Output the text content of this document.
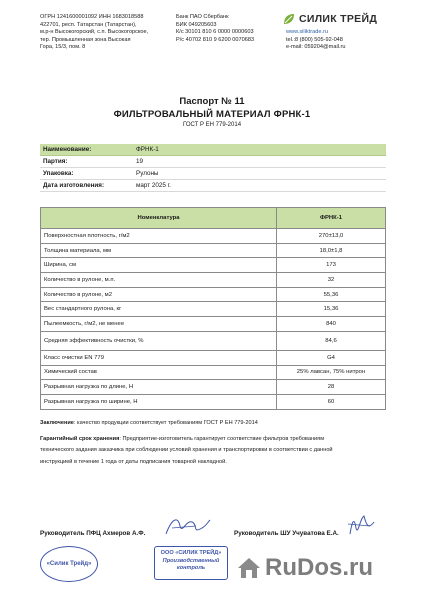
ОГРН 1241600001092 ИНН 1683018588
422701, респ. Татарстан (Татарстан),
м.р-н Высокогорский, с.п. Высокогорское,
тер. Промышленная зона Высокая
Гора, 15/3, пом. 8
Банк ПАО Сбербанк
БИК 049205603
К/с 30101 810 6 0000 0000603
Р/с 40702 810 9 6200 0070683
СИЛИК ТРЕЙД
www.siliktrade.ru
tel.:8 (800) 505-92-048
e-mail: 059204@mail.ru
Паспорт № 11
ФИЛЬТРОВАЛЬНЫЙ МАТЕРИАЛ ФРНК-1
ГОСТ Р ЕН 779-2014
Наименование:	ФРНК-1
Партия:	19
Упаковка:	Рулоны
Дата изготовления:	март 2025 г.
Номенклатура	ФРНК-1
Поверхностная плотность, г/м2	270±13,0
Толщина материала, мм	18,0±1,8
Ширина, см	173
Количество в рулоне, м.п.	32
Количество в рулоне, м2	55,36
Вес стандартного рулона, кг	15,36
Пылеемкость, г/м2, не менее	840
Средняя эффективность очистки, %	84,6
Класс очистки EN 779	G4
Химический состав	25% лавсан, 75% нитрон
Разрывная нагрузка по длине, Н	28
Разрывная нагрузка по ширине, Н	60
Заключение: качество продукции соответствует требованиям ГОСТ Р ЕН 779-2014
Гарантийный срок хранения: Предприятие-изготовитель гарантирует соответствие фильтров требованиям
технического задания заказчика при соблюдении условий хранения и транспортировки в соответствии с данной
инструкцией в течение 1 года от даты подписания товарной накладной.
Руководитель ПФЦ Ахмеров А.Ф.	Руководитель ШУ Учуватова Е.А.
«Силик Трейд»
ООО «СИЛИК ТРЕЙД»
Производственный
контроль	RuDos.ru
